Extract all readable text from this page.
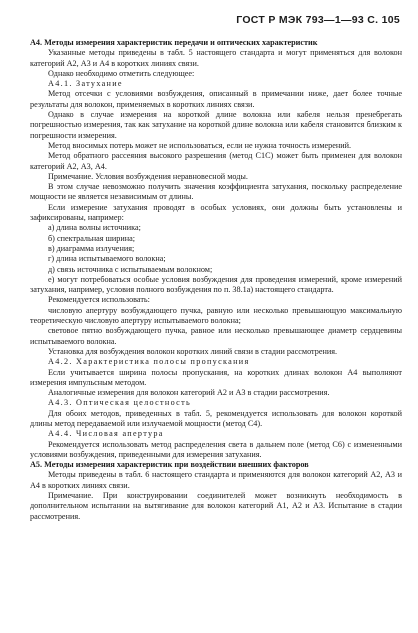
ГОСТ Р МЭК 793—1—93 С. 105

А4. Методы измерения характеристик передачи и оптических характеристик

Указанные методы приведены в табл. 5 настоящего стандарта и могут применяться для волокон категорий А2, А3 и А4 в коротких линиях связи.

Однако необходимо отметить следующее:

А4.1. Затухание

Метод отсечки с условиями возбуждения, описанный в примечании ниже, дает более точные результаты для волокон, применяемых в коротких линиях связи.

Однако в случае измерения на короткой длине волокна или кабеля нельзя пренебрегать погрешностью измерения, так как затухание на короткой длине волокна или кабеля становится близким к погрешности измерения.

Метод вносимых потерь может не использоваться, если не нужна точность измерений.

Метод обратного рассеяния высокого разрешения (метод С1С) может быть применен для волокон категорий А2, А3, А4.

Примечание. Условия возбуждения неравновесной моды.

В этом случае невозможно получить значения коэффициента затухания, поскольку распределение мощности не является независимым от длины.

Если измерение затухания проводят в особых условиях, они должны быть установлены и зафиксированы, например:

а) длина волны источника;

б) спектральная ширина;

в) диаграмма излучения;

г) длина испытываемого волокна;

д) связь источника с испытываемым волокном;

е) могут потребоваться особые условия возбуждения для проведения измерений, кроме измерений затухания, например, условия полного возбуждения по п. 38.1а) настоящего стандарта.

Рекомендуется использовать:

числовую апертуру возбуждающего пучка, равную или несколько превышающую максимальную теоретическую числовую апертуру испытываемого волокна;

световое пятно возбуждающего пучка, равное или несколько превышающее диаметр сердцевины испытываемого волокна.

Установка для возбуждения волокон коротких линий связи в стадии рассмотрения.

А4.2. Характеристика полосы пропускания

Если учитывается ширина полосы пропускания, на коротких длинах волокон А4 выполняют измерения импульсным методом.

Аналогичные измерения для волокон категорий А2 и А3 в стадии рассмотрения.

А4.3. Оптическая целостность

Для обоих методов, приведенных в табл. 5, рекомендуется использовать для волокон короткой длины метод передаваемой или излучаемой мощности (метод С4).

А4.4. Числовая апертура

Рекомендуется использовать метод распределения света в дальнем поле (метод С6) с измененными условиями возбуждения, приведенными для измерения затухания.

А5. Методы измерения характеристик при воздействии внешних факторов

Методы приведены в табл. 6 настоящего стандарта и применяются для волокон категорий А2, А3 и А4 в коротких линиях связи.

Примечание. При конструировании соединителей может возникнуть необходимость в дополнительном испытании на вытягивание для волокон категорий А1, А2 и А3. Испытание в стадии рассмотрения.
